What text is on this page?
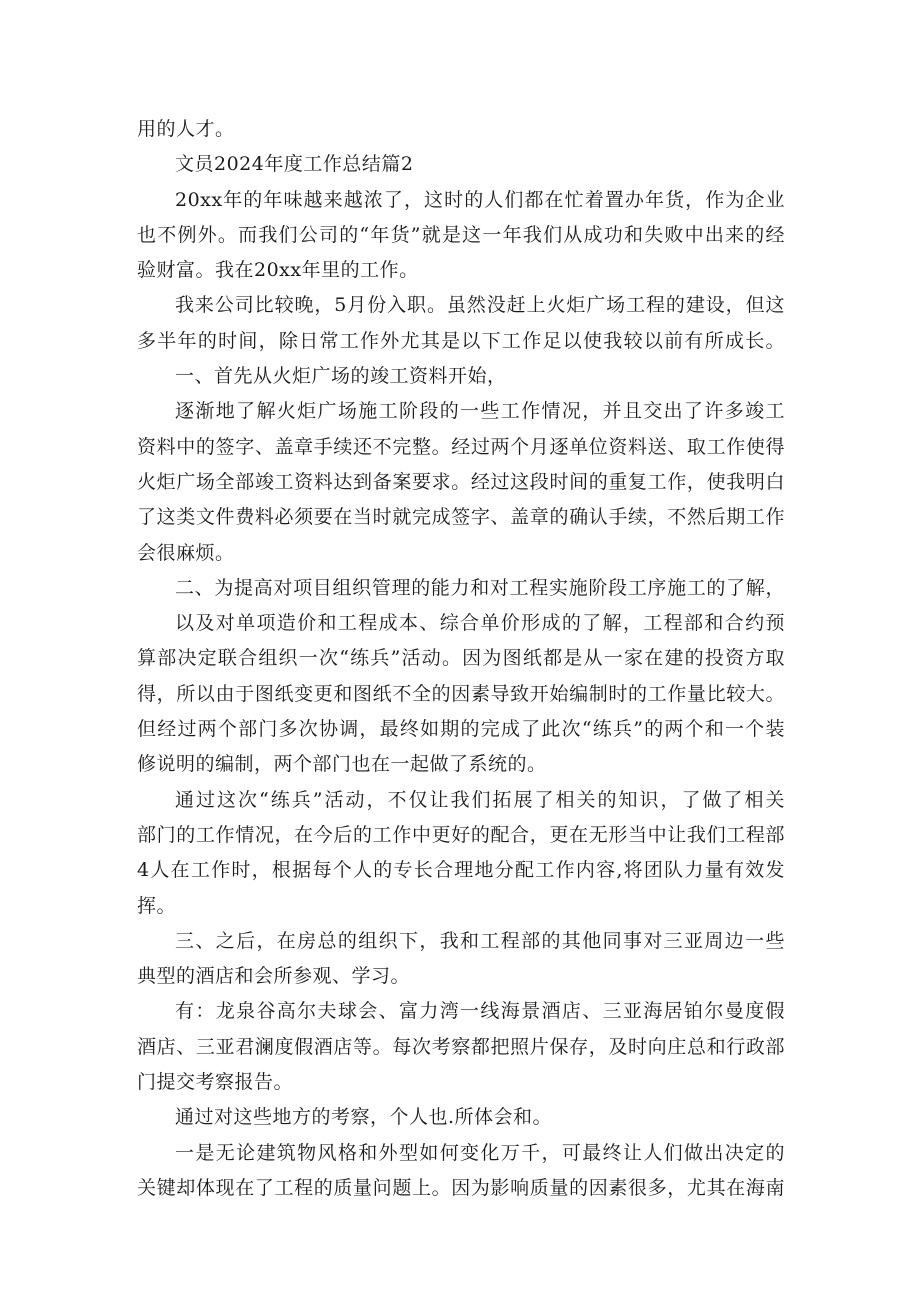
用的人才。
文员2024年度工作总结篇2
20xx年的年味越来越浓了，这时的人们都在忙着置办年货，作为企业
也不例外。而我们公司的“年货”就是这一年我们从成功和失败中出来的经
验财富。我在20xx年里的工作。
我来公司比较晚，5月份入职。虽然没赶上火炬广场工程的建设，但这
多半年的时间，除日常工作外尤其是以下工作足以使我较以前有所成长。
一、首先从火炬广场的竣工资料开始，
逐渐地了解火炬广场施工阶段的一些工作情况，并且交出了许多竣工
资料中的签字、盖章手续还不完整。经过两个月逐单位资料送、取工作使得
火炬广场全部竣工资料达到备案要求。经过这段时间的重复工作，使我明白
了这类文件费料必须要在当时就完成签字、盖章的确认手续，不然后期工作
会很麻烦。
二、为提高对项目组织管理的能力和对工程实施阶段工序施工的了解，
以及对单项造价和工程成本、综合单价形成的了解，工程部和合约预
算部决定联合组织一次“练兵”活动。因为图纸都是从一家在建的投资方取
得，所以由于图纸变更和图纸不全的因素导致开始编制时的工作量比较大。
但经过两个部门多次协调，最终如期的完成了此次“练兵”的两个和一个装
修说明的编制，两个部门也在一起做了系统的。
通过这次“练兵”活动，不仅让我们拓展了相关的知识，了做了相关
部门的工作情况，在今后的工作中更好的配合，更在无形当中让我们工程部
4人在工作时，根据每个人的专长合理地分配工作内容,将团队力量有效发
挥。
三、之后，在房总的组织下，我和工程部的其他同事对三亚周边一些
典型的酒店和会所参观、学习。
有：龙泉谷高尔夫球会、富力湾一线海景酒店、三亚海居铂尔曼度假
酒店、三亚君澜度假酒店等。每次考察都把照片保存，及时向庄总和行政部
门提交考察报告。
通过对这些地方的考察，个人也.所体会和。
一是无论建筑物风格和外型如何变化万千，可最终让人们做出决定的
关键却体现在了工程的质量问题上。因为影响质量的因素很多，尤其在海南
